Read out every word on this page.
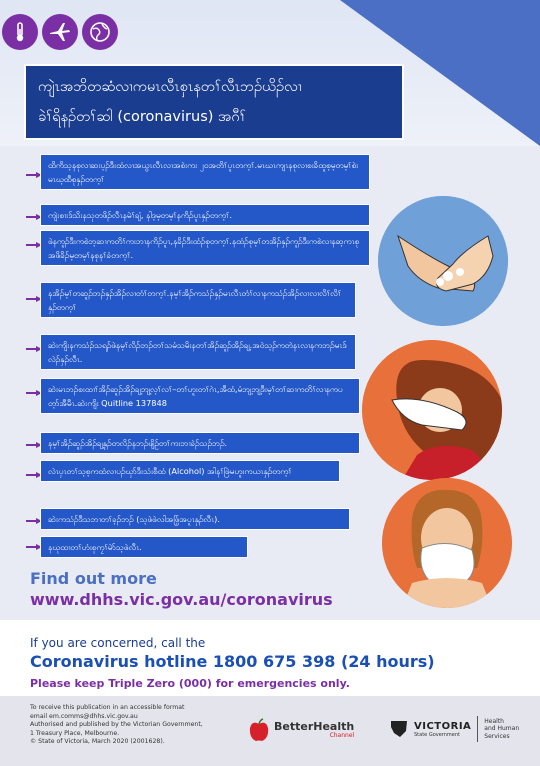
ကျဲၤအဘိတဆံလၢကမၤလီၤစှၤနတၢ်လီၤဘၣ်ယိၣ်လၢ
ခဲၢ်ရိနၣ်တၢ်ဆါ (coronavirus) အဂီၢ်
ထိကိသ့နစုလၢဆးပ့ၣ်ဒီးထံလၢအယွၤလီၤလၢအစဲးကး ၂၀အတိၢ်ပူၤတက့ၢ်.မၤဃၤကျၤနစုလၢစးခိထူစ့မ့တမ့ၢ်စဲးမၤဃ့ထီစုနှၣ်တက့ၢ်
ကျဲးစၢးဒ်သိးနသုတဖိၣ်လီၤနမဲၢ်ချံ, နါဒ့မ့တမ့ၢ်နကိၣ်ပူၤနှၣ်တက့ၢ်.
ဖဲနကူၣ်ဒီးကစဲဘ့ဆၢကတိၢ်ကးဘၢနကိၣ်ပူၤ,နခိၣ်ဒီးထံၣ်စုတက့ၢ်.နထံၣ်စုမ့ၢ်တအိၣ်နှၣ်ကူၣ်ဒီးကစဲလၢနဆ့ကၤစုအဖိခိၣ်မ့တမ့ၢ်နစုနၢ်ခံတက့ၢ်.
နအိၣ်မ့ၢ်တဆူၣ်ဘၣ်နှၣ်အိၣ်လၢတံၢ်တက့ၢ်.နမ့ၢ်အိၣ်ကသံၣ်နှၣ်မၤလီၤတံၢ်လၢနကသံၣ်အိၣ်လၢလၢလိၢ်လိၢ်နှၣ်တက့ၢ်
ဆဲးကျိးနကသံၣ်သရၣ်ဖဲနမ့ၢ်လိၣ်ဘၣ်တၢ်သမံသမိးနတၢ်အိၣ်ဆူၣ်အိၣ်ချ့.အဝဲသ့ၣ်ကတဲနၤလၢနကဘၣ်မၤဒ်လဲၣ်နှၣ်လီၤ.
ဆဲးမၤဘၣ်စးထၢၢ်အိၣ်ဆူၣ်အိၣ်ချ့ဘျ့လ့ၢ်လၢ်–တၢ်ဟူးတၢ်ဂဲၤ,အီထံ,မံဘျ့ဘျ့ဒီးမ့ၢ်တၢ်ဆၢကတိၢ်လၢနကပတ့ာ်အီမီၤ.ဆဲးကျိး Quitline 137848
နမ့ၢ်အိၣ်ဆူၣ်အိၣ်ချ့နှၣ်တလိၣ်နဘၣ်ဖျိဉ်တၢ်ကးဘၢခဲၣ်သၣ်ဘၣ်.
လဲၤပှၤတၢ်သ့စ့ကထံလၢပၣ်ဃှာ်ဒီးသံးစီထံ (Alcohol) အါနၢ်ဖြဲမဟူးကယၤနှၣ်တက့ၢ်
ဆဲးကသံၣ်ဒီသဘၢတၢ်ခ့ၣ်ဘၣ် (သ့ဖဲဖဲလါအဖြှ်အပူၤနှၣ်လီၤ).
နဃုထၢတၢ်ဟံးစုကၠၢ်မဲာ်သ့ဖဲလီၤ.
Find out more
www.dhhs.vic.gov.au/coronavirus
If you are concerned, call the
Coronavirus hotline 1800 675 398 (24 hours)
Please keep Triple Zero (000) for emergencies only.
To receive this publication in an accessible format
email em.comms@dhhs.vic.gov.au
Authorised and published by the Victorian Government,
1 Treasury Place, Melbourne.
© State of Victoria, March 2020 (2001628).
BetterHealth
Channel
VICTORIA
State Government
Health
and Human
Services
